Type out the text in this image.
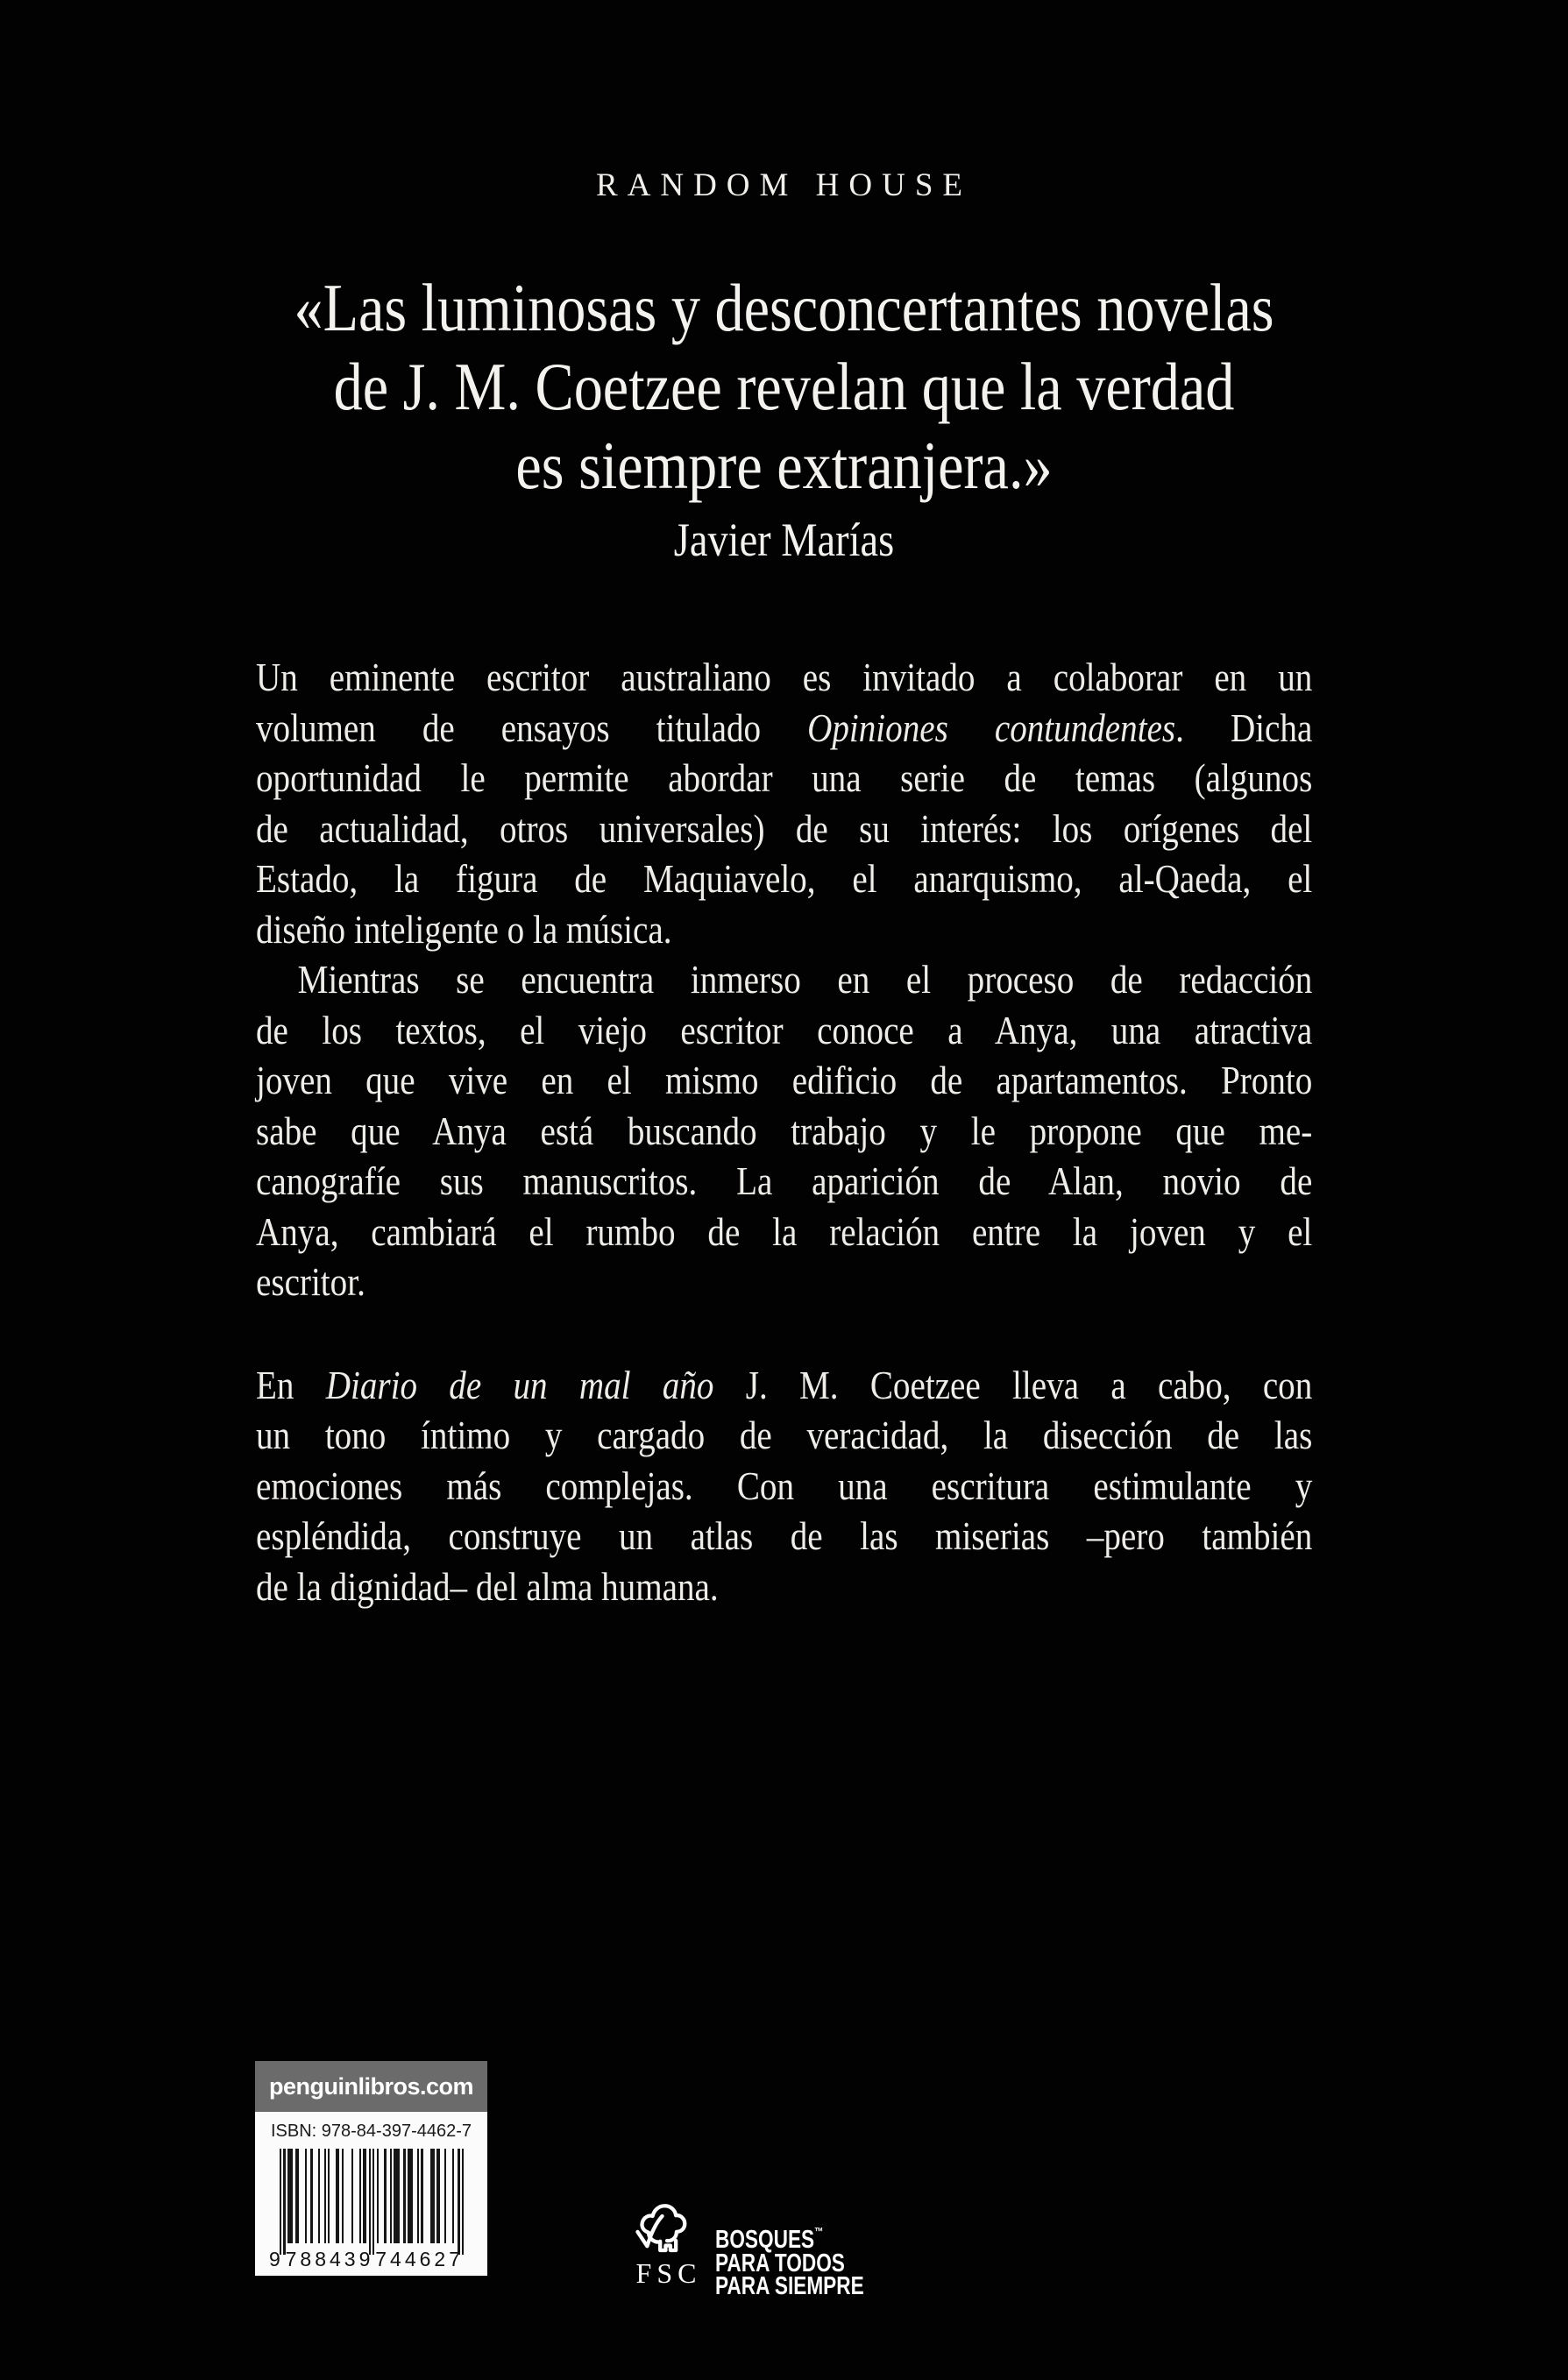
RANDOM HOUSE
«Las luminosas y desconcertantes novelas
de J. M. Coetzee revelan que la verdad
es siempre extranjera.»
Javier Marías
Un eminente escritor australiano es invitado a colaborar en un
volumen de ensayos titulado Opiniones contundentes. Dicha
oportunidad le permite abordar una serie de temas (algunos
de actualidad, otros universales) de su interés: los orígenes del
Estado, la figura de Maquiavelo, el anarquismo, al-Qaeda, el
diseño inteligente o la música.
Mientras se encuentra inmerso en el proceso de redacción
de los textos, el viejo escritor conoce a Anya, una atractiva
joven que vive en el mismo edificio de apartamentos. Pronto
sabe que Anya está buscando trabajo y le propone que me-
canografíe sus manuscritos. La aparición de Alan, novio de
Anya, cambiará el rumbo de la relación entre la joven y el
escritor.
En Diario de un mal año J. M. Coetzee lleva a cabo, con
un tono íntimo y cargado de veracidad, la disección de las
emociones más complejas. Con una escritura estimulante y
espléndida, construye un atlas de las miserias –pero también
de la dignidad– del alma humana.
penguinlibros.com
ISBN: 978-84-397-4462-7
9 788439 744627	FSC
BOSQUES™
PARA TODOS
PARA SIEMPRE
